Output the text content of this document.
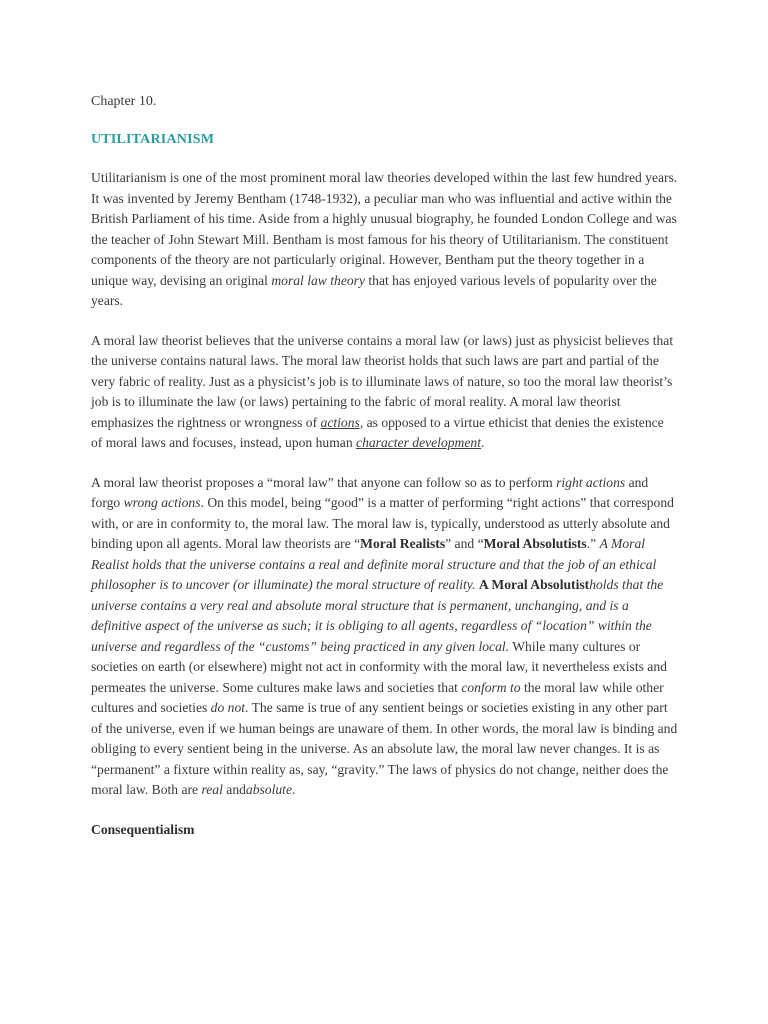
Chapter 10.
UTILITARIANISM

Utilitarianism is one of the most prominent moral law theories developed within the last few hundred years. It was invented by Jeremy Bentham (1748-1932), a peculiar man who was influential and active within the British Parliament of his time. Aside from a highly unusual biography, he founded London College and was the teacher of John Stewart Mill. Bentham is most famous for his theory of Utilitarianism. The constituent components of the theory are not particularly original. However, Bentham put the theory together in a unique way, devising an original moral law theory that has enjoyed various levels of popularity over the years.

A moral law theorist believes that the universe contains a moral law (or laws) just as physicist believes that the universe contains natural laws. The moral law theorist holds that such laws are part and partial of the very fabric of reality. Just as a physicist’s job is to illuminate laws of nature, so too the moral law theorist’s job is to illuminate the law (or laws) pertaining to the fabric of moral reality. A moral law theorist emphasizes the rightness or wrongness of actions, as opposed to a virtue ethicist that denies the existence of moral laws and focuses, instead, upon human character development.

A moral law theorist proposes a “moral law” that anyone can follow so as to perform right actions and forgo wrong actions. On this model, being “good” is a matter of performing “right actions” that correspond with, or are in conformity to, the moral law. The moral law is, typically, understood as utterly absolute and binding upon all agents. Moral law theorists are “Moral Realists” and “Moral Absolutists.” A Moral Realist holds that the universe contains a real and definite moral structure and that the job of an ethical philosopher is to uncover (or illuminate) the moral structure of reality. A Moral Absolutistholds that the universe contains a very real and absolute moral structure that is permanent, unchanging, and is a definitive aspect of the universe as such; it is obliging to all agents, regardless of “location” within the universe and regardless of the “customs” being practiced in any given local. While many cultures or societies on earth (or elsewhere) might not act in conformity with the moral law, it nevertheless exists and permeates the universe. Some cultures make laws and societies that conform to the moral law while other cultures and societies do not. The same is true of any sentient beings or societies existing in any other part of the universe, even if we human beings are unaware of them. In other words, the moral law is binding and obliging to every sentient being in the universe. As an absolute law, the moral law never changes. It is as “permanent” a fixture within reality as, say, “gravity.” The laws of physics do not change, neither does the moral law. Both are real andabsolute.

Consequentialism
